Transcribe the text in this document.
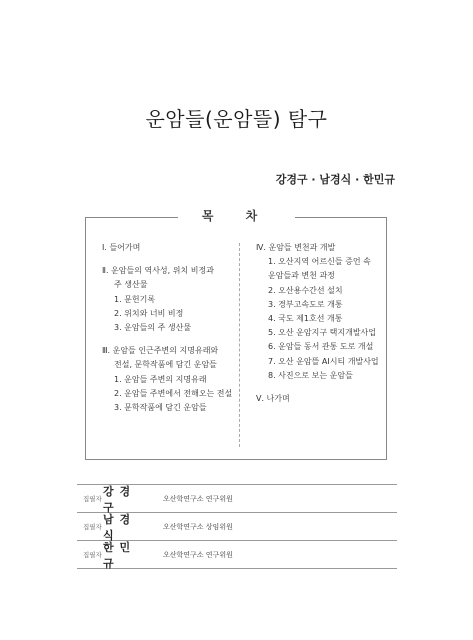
운암들(운암뜰) 탐구
강경구 · 남경식 · 한민규
목 차
Ⅰ. 들어가며
Ⅱ. 운암들의 역사성, 위치 비정과
주 생산물
1. 문헌기록
2. 위치와 너비 비정
3. 운암들의 주 생산물
Ⅲ. 운암들 인근주변의 지명유래와
전설, 문학작품에 담긴 운암들
1. 운암들 주변의 지명유래
2. 운암들 주변에서 전해오는 전설
3. 문학작품에 담긴 운암들
Ⅳ. 운암들 변천과 개발
1. 오산지역 어르신들 증언 속
운암들과 변천 과정
2. 오산용수간선 설치
3. 경부고속도로 개통
4. 국도 제1호선 개통
5. 오산 운암지구 택지개발사업
6. 운암들 동서 관통 도로 개설
7. 오산 운암뜰 AI시티 개발사업
8. 사진으로 보는 운암들
Ⅴ. 나가며
집필자
강 경 구
오산학연구소 연구위원
집필자
남 경 식
오산학연구소 상임위원
집필자
한 민 규
오산학연구소 연구위원
